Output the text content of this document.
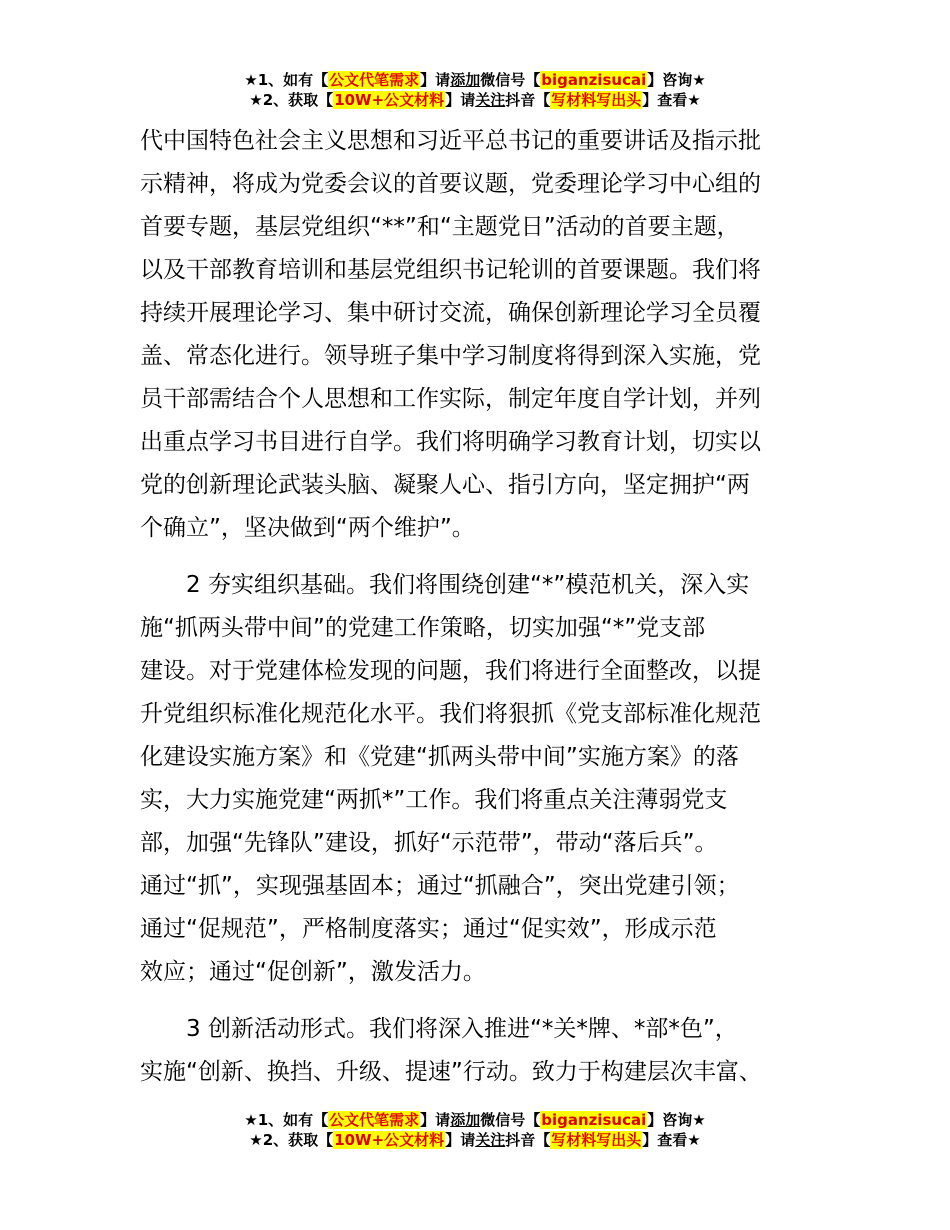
★1、如有【公文代笔需求】请添加微信号【biganzisucai】咨询★
★2、获取【10W+公文材料】请关注抖音【写材料写出头】查看★

代中国特色社会主义思想和习近平总书记的重要讲话及指示批

示精神，将成为党委会议的首要议题，党委理论学习中心组的

首要专题，基层党组织“**”和“主题党日”活动的首要主题，

以及干部教育培训和基层党组织书记轮训的首要课题。我们将

持续开展理论学习、集中研讨交流，确保创新理论学习全员覆

盖、常态化进行。领导班子集中学习制度将得到深入实施，党

员干部需结合个人思想和工作实际，制定年度自学计划，并列

出重点学习书目进行自学。我们将明确学习教育计划，切实以

党的创新理论武装头脑、凝聚人心、指引方向，坚定拥护“两

个确立”，坚决做到“两个维护”。

　　2 夯实组织基础。我们将围绕创建“*”模范机关，深入实

施“抓两头带中间”的党建工作策略，切实加强“*”党支部

建设。对于党建体检发现的问题，我们将进行全面整改，以提

升党组织标准化规范化水平。我们将狠抓《党支部标准化规范

化建设实施方案》和《党建“抓两头带中间”实施方案》的落

实，大力实施党建“两抓*”工作。我们将重点关注薄弱党支

部，加强“先锋队”建设，抓好“示范带”，带动“落后兵”。

通过“抓”，实现强基固本；通过“抓融合”，突出党建引领；

通过“促规范”，严格制度落实；通过“促实效”，形成示范

效应；通过“促创新”，激发活力。

　　3 创新活动形式。我们将深入推进“*关*牌、*部*色”，

实施“创新、换挡、升级、提速”行动。致力于构建层次丰富、

★1、如有【公文代笔需求】请添加微信号【biganzisucai】咨询★
★2、获取【10W+公文材料】请关注抖音【写材料写出头】查看★
